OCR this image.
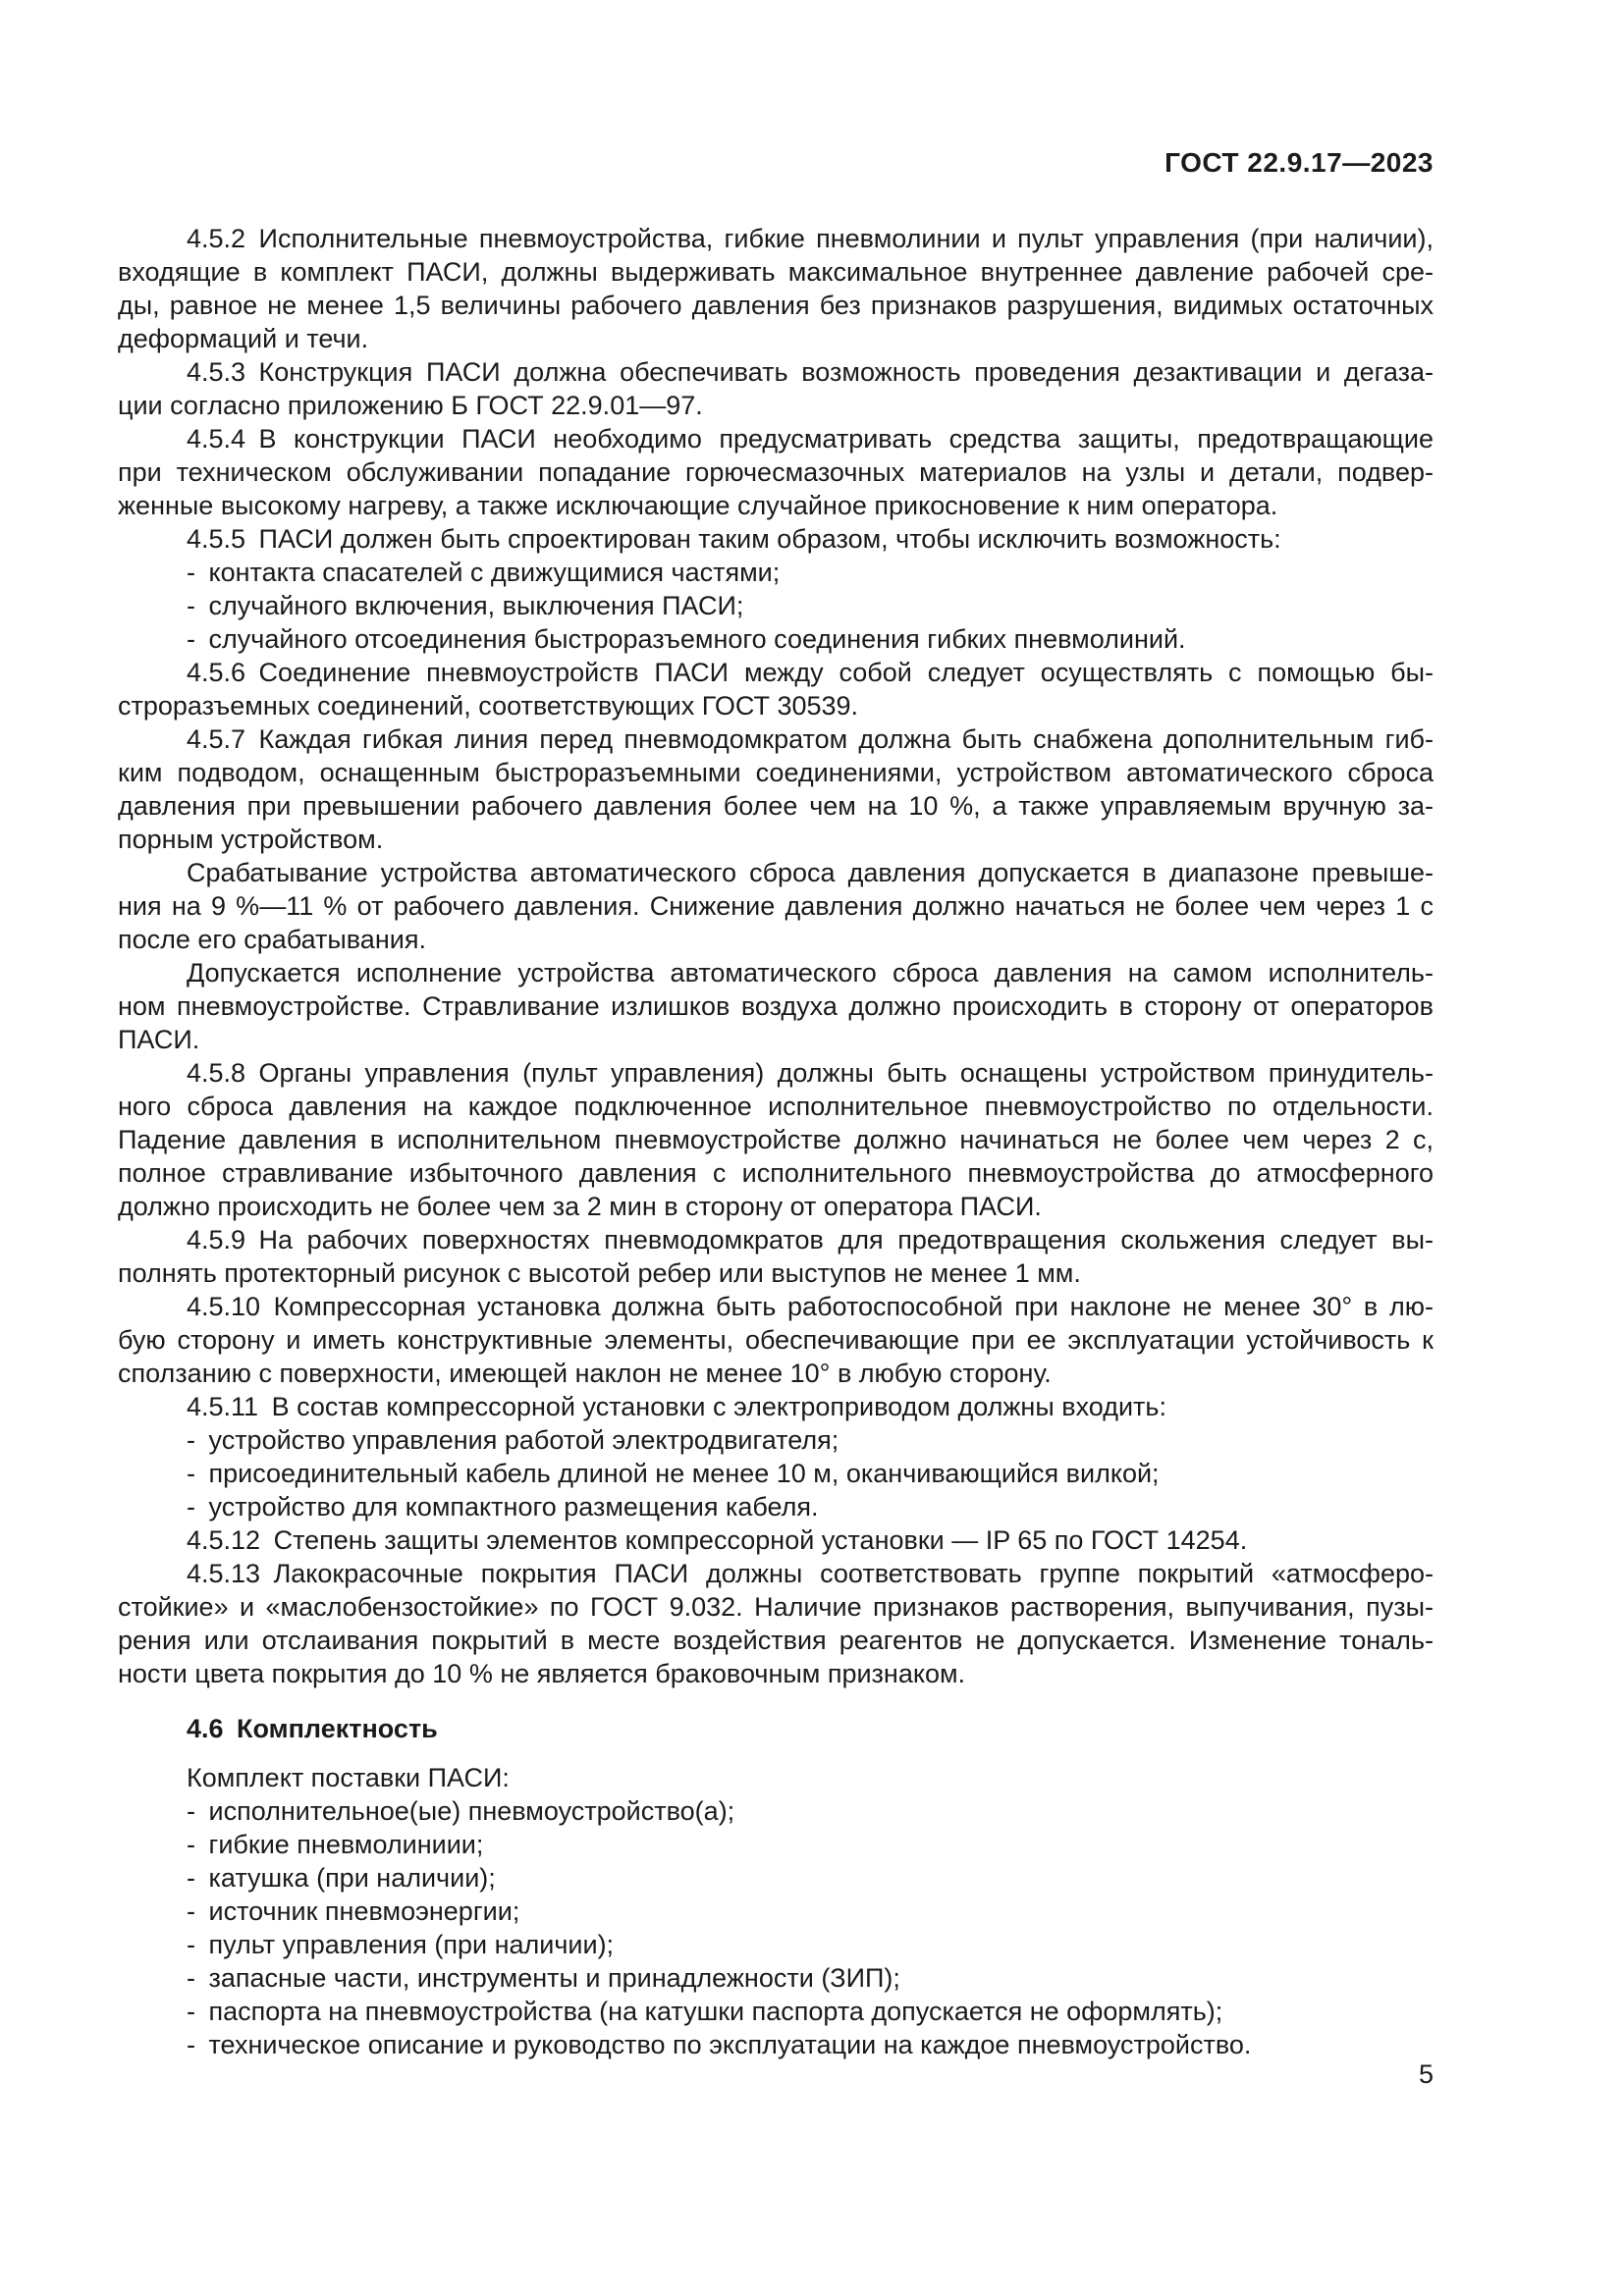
ГОСТ 22.9.17—2023
4.5.2 Исполнительные пневмоустройства, гибкие пневмолинии и пульт управления (при наличии),
входящие в комплект ПАСИ, должны выдерживать максимальное внутреннее давление рабочей сре-
ды, равное не менее 1,5 величины рабочего давления без признаков разрушения, видимых остаточных
деформаций и течи.
4.5.3 Конструкция ПАСИ должна обеспечивать возможность проведения дезактивации и дегаза-
ции согласно приложению Б ГОСТ 22.9.01—97.
4.5.4 В конструкции ПАСИ необходимо предусматривать средства защиты, предотвращающие
при техническом обслуживании попадание горючесмазочных материалов на узлы и детали, подвер-
женные высокому нагреву, а также исключающие случайное прикосновение к ним оператора.
4.5.5 ПАСИ должен быть спроектирован таким образом, чтобы исключить возможность:
- контакта спасателей с движущимися частями;
- случайного включения, выключения ПАСИ;
- случайного отсоединения быстроразъемного соединения гибких пневмолиний.
4.5.6 Соединение пневмоустройств ПАСИ между собой следует осуществлять с помощью бы-
строразъемных соединений, соответствующих ГОСТ 30539.
4.5.7 Каждая гибкая линия перед пневмодомкратом должна быть снабжена дополнительным гиб-
ким подводом, оснащенным быстроразъемными соединениями, устройством автоматического сброса
давления при превышении рабочего давления более чем на 10 %, а также управляемым вручную за-
порным устройством.
Срабатывание устройства автоматического сброса давления допускается в диапазоне превыше-
ния на 9 %—11 % от рабочего давления. Снижение давления должно начаться не более чем через 1 с
после его срабатывания.
Допускается исполнение устройства автоматического сброса давления на самом исполнитель-
ном пневмоустройстве. Стравливание излишков воздуха должно происходить в сторону от операторов
ПАСИ.
4.5.8 Органы управления (пульт управления) должны быть оснащены устройством принудитель-
ного сброса давления на каждое подключенное исполнительное пневмоустройство по отдельности.
Падение давления в исполнительном пневмоустройстве должно начинаться не более чем через 2 с,
полное стравливание избыточного давления с исполнительного пневмоустройства до атмосферного
должно происходить не более чем за 2 мин в сторону от оператора ПАСИ.
4.5.9 На рабочих поверхностях пневмодомкратов для предотвращения скольжения следует вы-
полнять протекторный рисунок с высотой ребер или выступов не менее 1 мм.
4.5.10 Компрессорная установка должна быть работоспособной при наклоне не менее 30° в лю-
бую сторону и иметь конструктивные элементы, обеспечивающие при ее эксплуатации устойчивость к
сползанию с поверхности, имеющей наклон не менее 10° в любую сторону.
4.5.11 В состав компрессорной установки с электроприводом должны входить:
- устройство управления работой электродвигателя;
- присоединительный кабель длиной не менее 10 м, оканчивающийся вилкой;
- устройство для компактного размещения кабеля.
4.5.12 Степень защиты элементов компрессорной установки — IP 65 по ГОСТ 14254.
4.5.13 Лакокрасочные покрытия ПАСИ должны соответствовать группе покрытий «атмосферо-
стойкие» и «маслобензостойкие» по ГОСТ 9.032. Наличие признаков растворения, выпучивания, пузы-
рения или отслаивания покрытий в месте воздействия реагентов не допускается. Изменение тональ-
ности цвета покрытия до 10 % не является браковочным признаком.
4.6 Комплектность
Комплект поставки ПАСИ:
- исполнительное(ые) пневмоустройство(а);
- гибкие пневмолиниии;
- катушка (при наличии);
- источник пневмоэнергии;
- пульт управления (при наличии);
- запасные части, инструменты и принадлежности (ЗИП);
- паспорта на пневмоустройства (на катушки паспорта допускается не оформлять);
- техническое описание и руководство по эксплуатации на каждое пневмоустройство.
5
